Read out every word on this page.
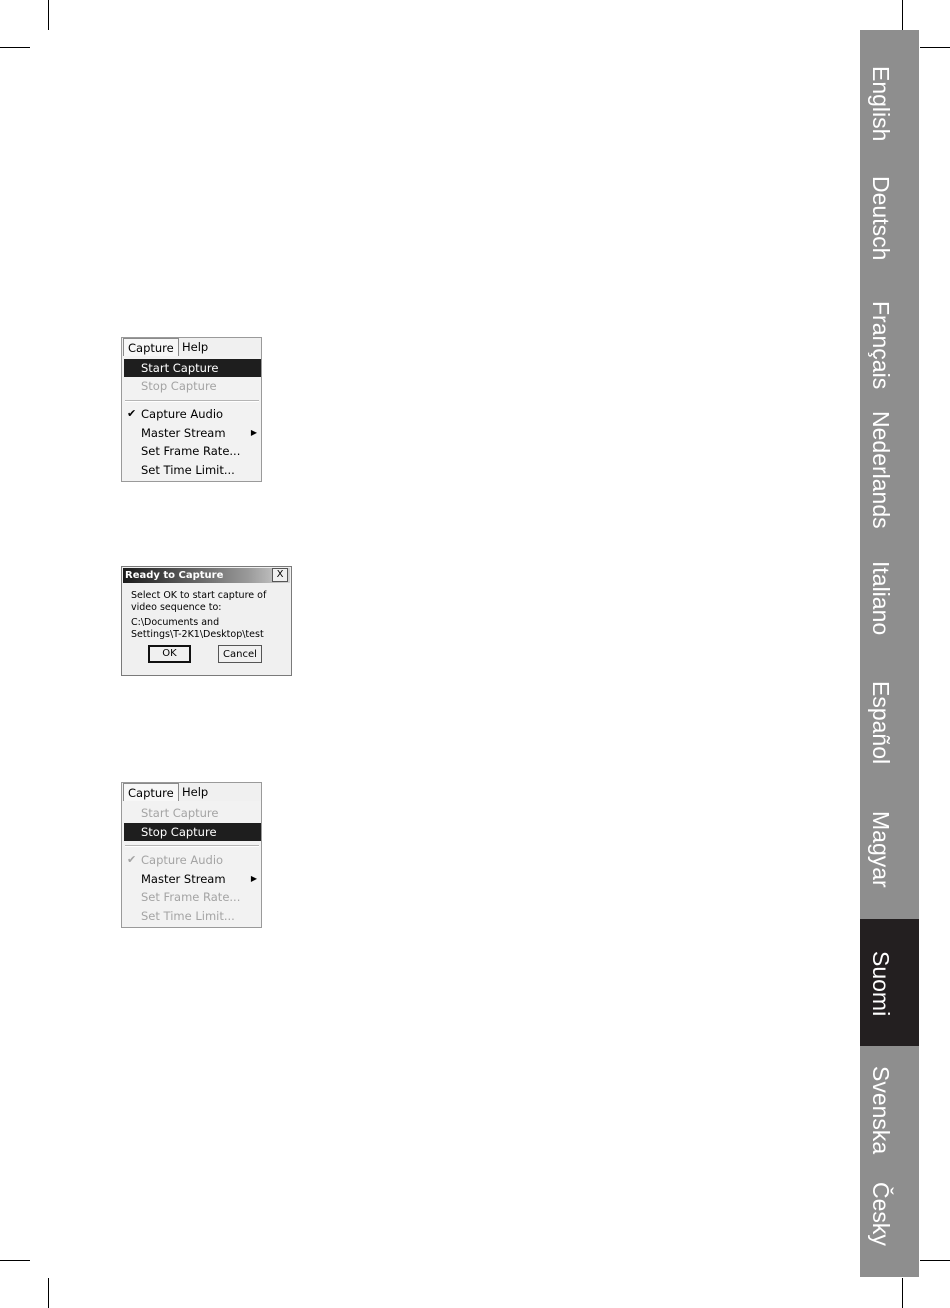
English
Deutsch
Français
Nederlands
Italiano
Español
Magyar
Suomi
Svenska
Česky
Capture Help
Start Capture
Stop Capture
✔ Capture Audio
Master Stream	▶
Set Frame Rate...
Set Time Limit...
Ready to Capture	X
Select OK to start capture of
video sequence to:
C:\Documents and
Settings\T-2K1\Desktop\test
OK	Cancel
Capture Help
Start Capture
Stop Capture
✔ Capture Audio
Master Stream	▶
Set Frame Rate...
Set Time Limit...
